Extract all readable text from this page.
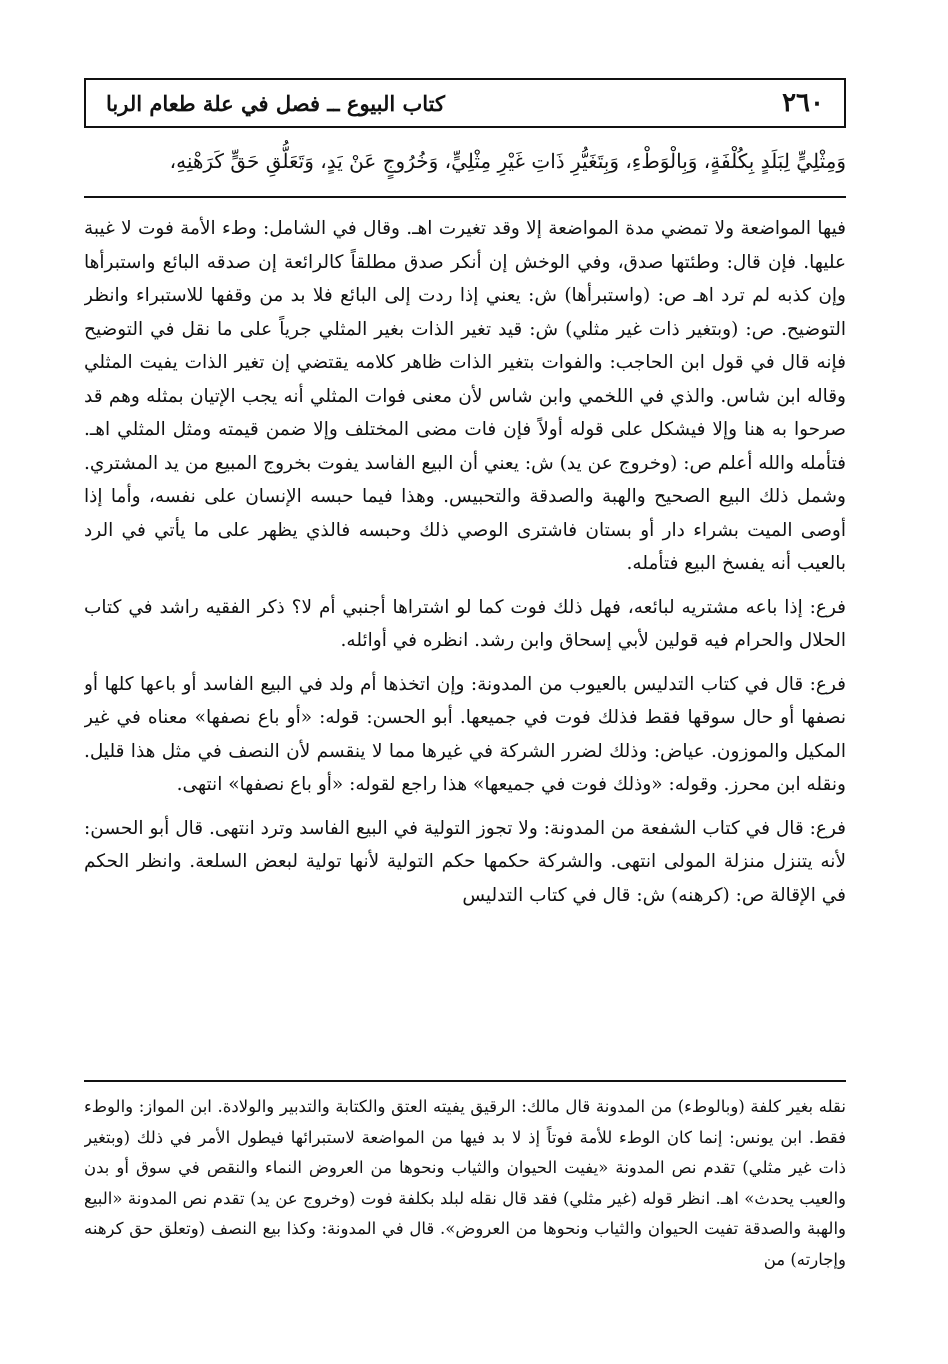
كتاب البيوع ــ فصل في علة طعام الربا	٢٦٠
وَمِثْلِيٍّ لِبَلَدٍ بِكُلْفَةٍ، وَبِالْوَطْءِ، وَبِتَغَيُّرِ ذَاتِ غَيْرِ مِثْلِيٍّ، وَخُرُوجٍ عَنْ يَدٍ، وَتَعَلُّقِ حَقٍّ كَرَهْنِهِ،

فيها المواضعة ولا تمضي مدة المواضعة إلا وقد تغيرت اهـ. وقال في الشامل: وطء الأمة فوت لا غيبة عليها. فإن قال: وطئتها صدق، وفي الوخش إن أنكر صدق مطلقاً كالرائعة إن صدقه البائع واستبرأها وإن كذبه لم ترد اهـ ص: (واستبرأها) ش: يعني إذا ردت إلى البائع فلا بد من وقفها للاستبراء وانظر التوضيح. ص: (وبتغير ذات غير مثلي) ش: قيد تغير الذات بغير المثلي جرياً على ما نقل في التوضيح فإنه قال في قول ابن الحاجب: والفوات بتغير الذات ظاهر كلامه يقتضي إن تغير الذات يفيت المثلي وقاله ابن شاس. والذي في اللخمي وابن شاس لأن معنى فوات المثلي أنه يجب الإتيان بمثله وهم قد صرحوا به هنا وإلا فيشكل على قوله أولاً فإن فات مضى المختلف وإلا ضمن قيمته ومثل المثلي اهـ. فتأمله والله أعلم ص: (وخروج عن يد) ش: يعني أن البيع الفاسد يفوت بخروج المبيع من يد المشتري. وشمل ذلك البيع الصحيح والهبة والصدقة والتحبيس. وهذا فيما حبسه الإنسان على نفسه، وأما إذا أوصى الميت بشراء دار أو بستان فاشترى الوصي ذلك وحبسه فالذي يظهر على ما يأتي في الرد بالعيب أنه يفسخ البيع فتأمله.

فرع: إذا باعه مشتريه لبائعه، فهل ذلك فوت كما لو اشتراها أجنبي أم لا؟ ذكر الفقيه راشد في كتاب الحلال والحرام فيه قولين لأبي إسحاق وابن رشد. انظره في أوائله.

فرع: قال في كتاب التدليس بالعيوب من المدونة: وإن اتخذها أم ولد في البيع الفاسد أو باعها كلها أو نصفها أو حال سوقها فقط فذلك فوت في جميعها. أبو الحسن: قوله: «أو باع نصفها» معناه في غير المكيل والموزون. عياض: وذلك لضرر الشركة في غيرها مما لا ينقسم لأن النصف في مثل هذا قليل. ونقله ابن محرز. وقوله: «وذلك فوت في جميعها» هذا راجع لقوله: «أو باع نصفها» انتهى.

فرع: قال في كتاب الشفعة من المدونة: ولا تجوز التولية في البيع الفاسد وترد انتهى. قال أبو الحسن: لأنه يتنزل منزلة المولى انتهى. والشركة حكمها حكم التولية لأنها تولية لبعض السلعة. وانظر الحكم في الإقالة ص: (كرهنه) ش: قال في كتاب التدليس

نقله بغير كلفة (وبالوطء) من المدونة قال مالك: الرقيق يفيته العتق والكتابة والتدبير والولادة. ابن المواز: والوطء فقط. ابن يونس: إنما كان الوطء للأمة فوتاً إذ لا بد فيها من المواضعة لاستبرائها فيطول الأمر في ذلك (وبتغير ذات غير مثلي) تقدم نص المدونة «يفيت الحيوان والثياب ونحوها من العروض النماء والنقص في سوق أو بدن والعيب يحدث» اهـ. انظر قوله (غير مثلي) فقد قال نقله لبلد بكلفة فوت (وخروج عن يد) تقدم نص المدونة «البيع والهبة والصدقة تفيت الحيوان والثياب ونحوها من العروض». قال في المدونة: وكذا بيع النصف (وتعلق حق كرهنه وإجارته) من
